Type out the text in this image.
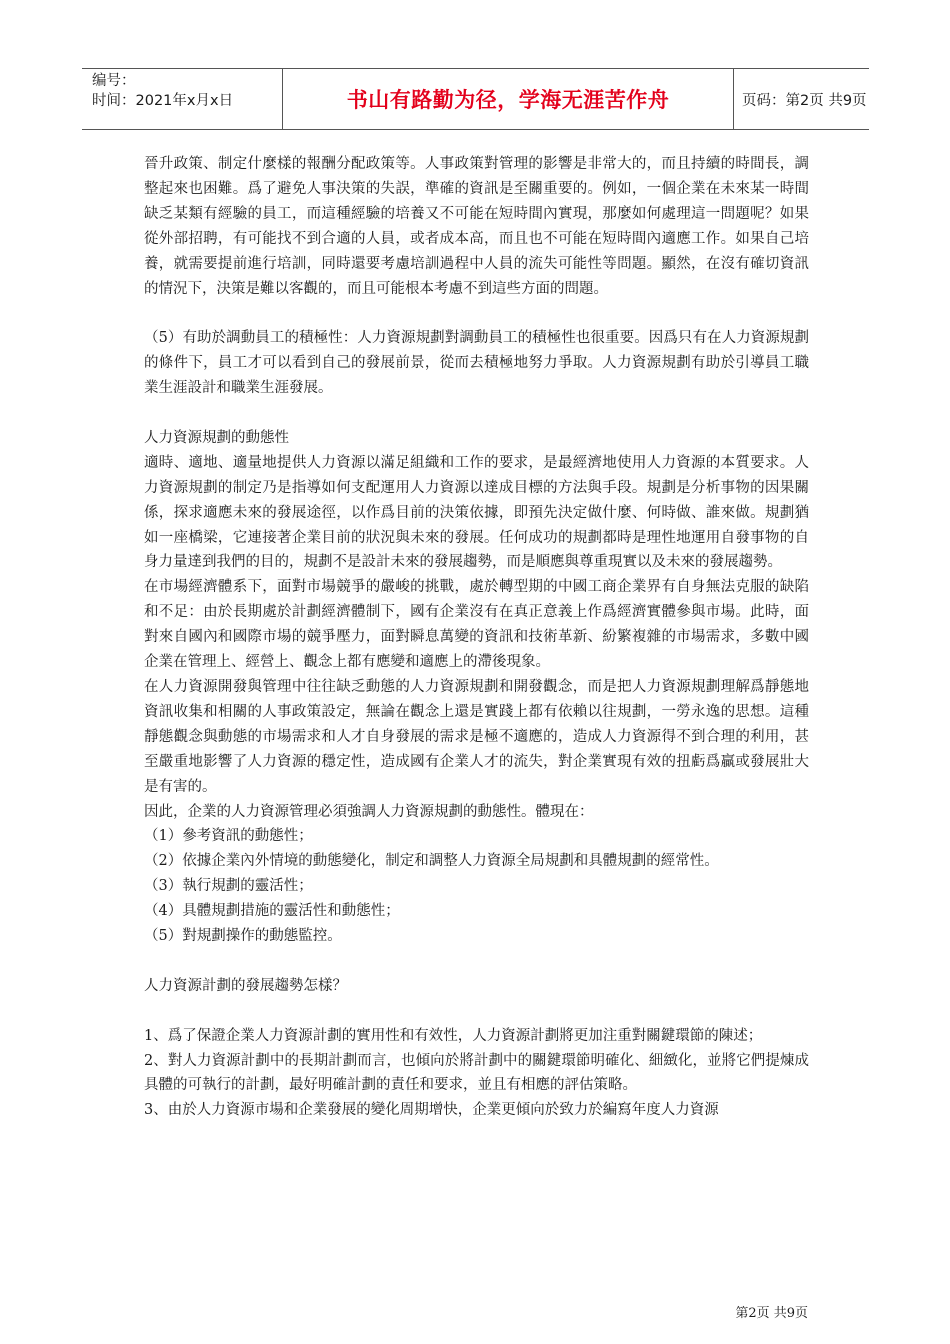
编号：
时间：2021年x月x日	书山有路勤为径，学海无涯苦作舟	页码：第2页 共9页

晉升政策、制定什麼樣的報酬分配政策等。人事政策對管理的影響是非常大的，而且持續的時間長，調整起來也困難。爲了避免人事決策的失誤，準確的資訊是至關重要的。例如，一個企業在未來某一時間缺乏某類有經驗的員工，而這種經驗的培養又不可能在短時間內實現，那麼如何處理這一問題呢？如果從外部招聘，有可能找不到合適的人員，或者成本高，而且也不可能在短時間內適應工作。如果自己培養，就需要提前進行培訓，同時還要考慮培訓過程中人員的流失可能性等問題。顯然，在沒有確切資訊的情況下，決策是難以客觀的，而且可能根本考慮不到這些方面的問題。

（5）有助於調動員工的積極性：人力資源規劃對調動員工的積極性也很重要。因爲只有在人力資源規劃的條件下，員工才可以看到自己的發展前景，從而去積極地努力爭取。人力資源規劃有助於引導員工職業生涯設計和職業生涯發展。

人力資源規劃的動態性

適時、適地、適量地提供人力資源以滿足組織和工作的要求，是最經濟地使用人力資源的本質要求。人力資源規劃的制定乃是指導如何支配運用人力資源以達成目標的方法與手段。規劃是分析事物的因果關係，探求適應未來的發展途徑，以作爲目前的決策依據，即預先決定做什麼、何時做、誰來做。規劃猶如一座橋梁，它連接著企業目前的狀況與未來的發展。任何成功的規劃都時是理性地運用自發事物的自身力量達到我們的目的，規劃不是設計未來的發展趨勢，而是順應與尊重現實以及未來的發展趨勢。

在市場經濟體系下，面對市場競爭的嚴峻的挑戰，處於轉型期的中國工商企業界有自身無法克服的缺陷和不足：由於長期處於計劃經濟體制下，國有企業沒有在真正意義上作爲經濟實體參與市場。此時，面對來自國內和國際市場的競爭壓力，面對瞬息萬變的資訊和技術革新、紛繁複雜的市場需求，多數中國企業在管理上、經營上、觀念上都有應變和適應上的滯後現象。

在人力資源開發與管理中往往缺乏動態的人力資源規劃和開發觀念，而是把人力資源規劃理解爲靜態地資訊收集和相關的人事政策設定，無論在觀念上還是實踐上都有依賴以往規劃，一勞永逸的思想。這種靜態觀念與動態的市場需求和人才自身發展的需求是極不適應的，造成人力資源得不到合理的利用，甚至嚴重地影響了人力資源的穩定性，造成國有企業人才的流失，對企業實現有效的扭虧爲贏或發展壯大是有害的。

因此，企業的人力資源管理必須強調人力資源規劃的動態性。體現在：

（1）參考資訊的動態性；

（2）依據企業內外情境的動態變化，制定和調整人力資源全局規劃和具體規劃的經常性。

（3）執行規劃的靈活性；

（4）具體規劃措施的靈活性和動態性；

（5）對規劃操作的動態監控。

人力資源計劃的發展趨勢怎樣？

1、爲了保證企業人力資源計劃的實用性和有效性，人力資源計劃將更加注重對關鍵環節的陳述；

2、對人力資源計劃中的長期計劃而言，也傾向於將計劃中的關鍵環節明確化、細緻化，並將它們提煉成具體的可執行的計劃，最好明確計劃的責任和要求，並且有相應的評估策略。

3、由於人力資源市場和企業發展的變化周期增快，企業更傾向於致力於編寫年度人力資源

第2页 共9页
